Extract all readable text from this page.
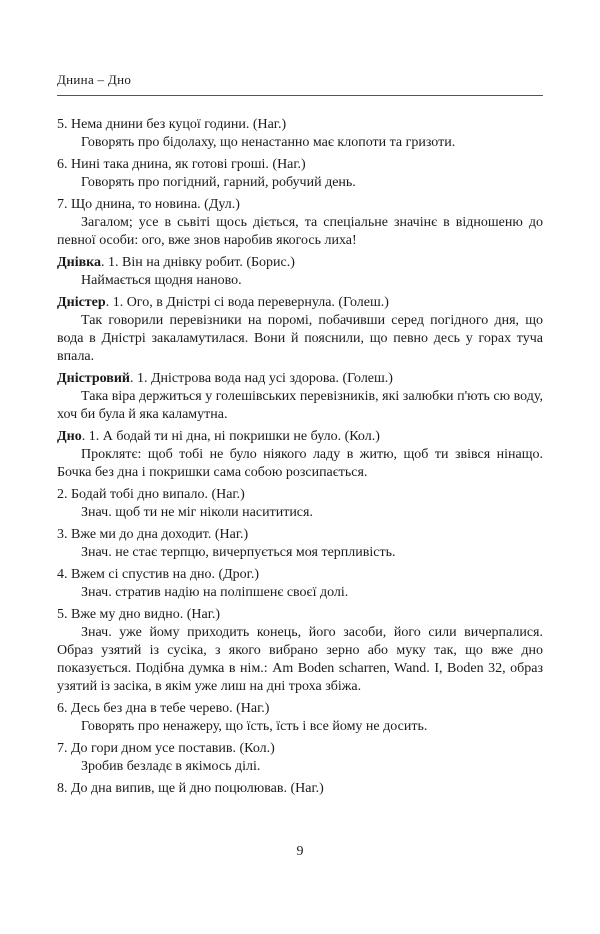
Днина – Дно

5. Нема днини без куцої години. (Наг.)

Говорять про бідолаху, що ненастанно має клопоти та гризоти.

6. Нині така днина, як готові гроші. (Наг.)

Говорять про погідний, гарний, робучий день.

7. Що днина, то новина. (Дул.)

Загалом; усе в сьвіті щось діється, та спеціальне значінє в відношеню до певної особи: ого, вже знов наробив якогось лиха!

Днівка. 1. Він на днівку робит. (Борис.)

Наймається щодня наново.

Дністер. 1. Ого, в Дністрі сі вода перевернула. (Голеш.)

Так говорили перевізники на поромі, побачивши серед погідного дня, що вода в Дністрі закаламутилася. Вони й пояснили, що певно десь у горах туча впала.

Дністровий. 1. Дністрова вода над усі здорова. (Голеш.)

Така віра держиться у голешівських перевізників, які залюбки п'ють сю воду, хоч би була й яка каламутна.

Дно. 1. А бодай ти ні дна, ні покришки не було. (Кол.)

Проклятє: щоб тобі не було ніякого ладу в житю, щоб ти звівся нінащо. Бочка без дна і покришки сама собою розсипається.

2. Бодай тобі дно випало. (Наг.)

Знач. щоб ти не міг ніколи насититися.

3. Вже ми до дна доходит. (Наг.)

Знач. не стає терпцю, вичерпується моя терпливість.

4. Вжем сі спустив на дно. (Дрог.)

Знач. стратив надію на поліпшенє своєї долі.

5. Вже му дно видно. (Наг.)

Знач. уже йому приходить конець, його засоби, його сили вичерпалися. Образ узятий із сусіка, з якого вибрано зерно або муку так, що вже дно показується. Подібна думка в нім.: Am Boden scharren, Wand. I, Boden 32, образ узятий із засіка, в якім уже лиш на дні троха збіжа.

6. Десь без дна в тебе черево. (Наг.)

Говорять про ненажеру, що їсть, їсть і все йому не досить.

7. До гори дном усе поставив. (Кол.)

Зробив безладє в якімось ділі.

8. До дна випив, ще й дно поцюлював. (Наг.)

9
